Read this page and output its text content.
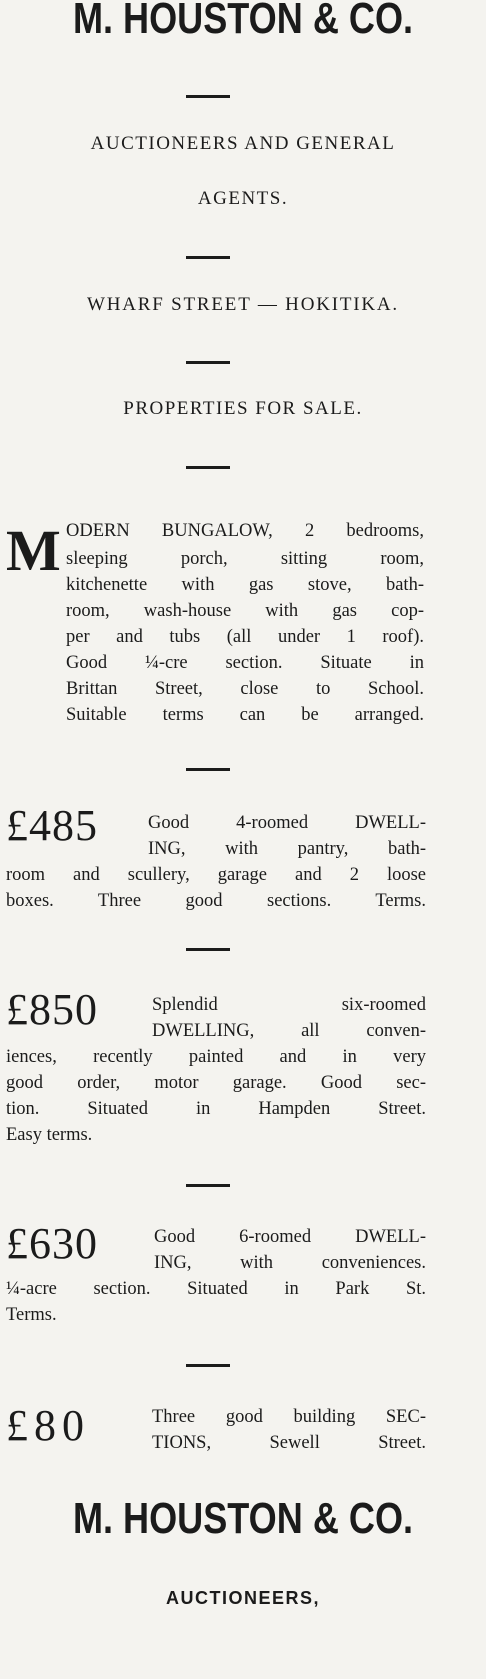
M. HOUSTON & CO.
AUCTIONEERS AND GENERAL
AGENTS.
WHARF STREET — HOKITIKA.
PROPERTIES FOR SALE.
M ODERN BUNGALOW, 2 bedrooms,
sleeping porch, sitting room,
kitchenette with gas stove, bath-
room, wash-house with gas cop-
per and tubs (all under 1 roof).
Good ¼-cre section. Situate in
Brittan Street, close to School.
Suitable terms can be arranged.
£485	Good 4-roomed DWELL-
ING, with pantry, bath-
room and scullery, garage and 2 loose
boxes. Three good sections. Terms.
£850	Splendid six-roomed
DWELLING, all conven-
iences, recently painted and in very
good order, motor garage. Good sec-
tion. Situated in Hampden Street.
Easy terms.
£630	Good 6-roomed DWELL-
ING, with conveniences.
¼-acre section. Situated in Park St.
Terms.
£80	Three good building SEC-
TIONS, Sewell Street.
M. HOUSTON & CO.
AUCTIONEERS,
